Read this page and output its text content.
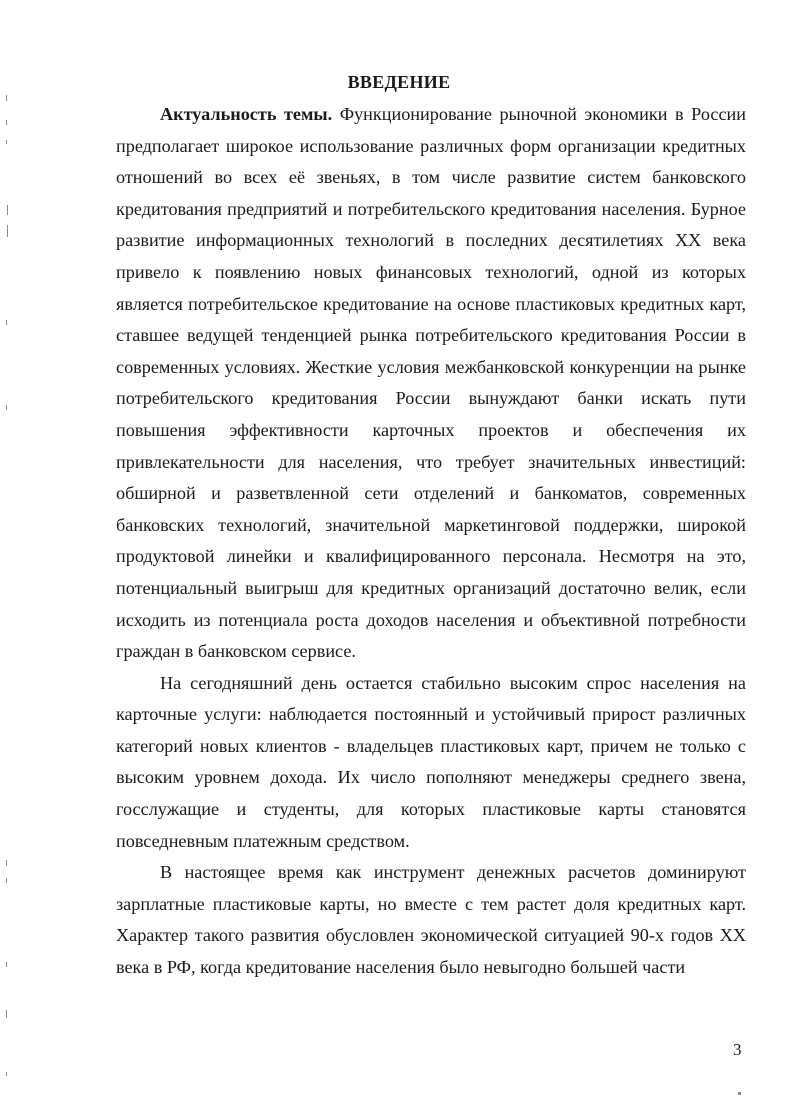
ВВЕДЕНИЕ

Актуальность темы. Функционирование рыночной экономики в России предполагает широкое использование различных форм организации кредитных отношений во всех её звеньях, в том числе развитие систем банковского кредитования предприятий и потребительского кредитования населения. Бурное развитие информационных технологий в последних десятилетиях XX века привело к появлению новых финансовых технологий, одной из которых является потребительское кредитование на основе пластиковых кредитных карт, ставшее ведущей тенденцией рынка потребительского кредитования России в современных условиях. Жесткие условия межбанковской конкуренции на рынке потребительского кредитования России вынуждают банки искать пути повышения эффективности карточных проектов и обеспечения их привлекательности для населения, что требует значительных инвестиций: обширной и разветвленной сети отделений и банкоматов, современных банковских технологий, значительной маркетинговой поддержки, широкой продуктовой линейки и квалифицированного персонала. Несмотря на это, потенциальный выигрыш для кредитных организаций достаточно велик, если исходить из потенциала роста доходов населения и объективной потребности граждан в банковском сервисе.

На сегодняшний день остается стабильно высоким спрос населения на карточные услуги: наблюдается постоянный и устойчивый прирост различных категорий новых клиентов - владельцев пластиковых карт, причем не только с высоким уровнем дохода. Их число пополняют менеджеры среднего звена, госслужащие и студенты, для которых пластиковые карты становятся повседневным платежным средством.

В настоящее время как инструмент денежных расчетов доминируют зарплатные пластиковые карты, но вместе с тем растет доля кредитных карт. Характер такого развития обусловлен экономической ситуацией 90-х годов XX века в РФ, когда кредитование населения было невыгодно большей части

3
